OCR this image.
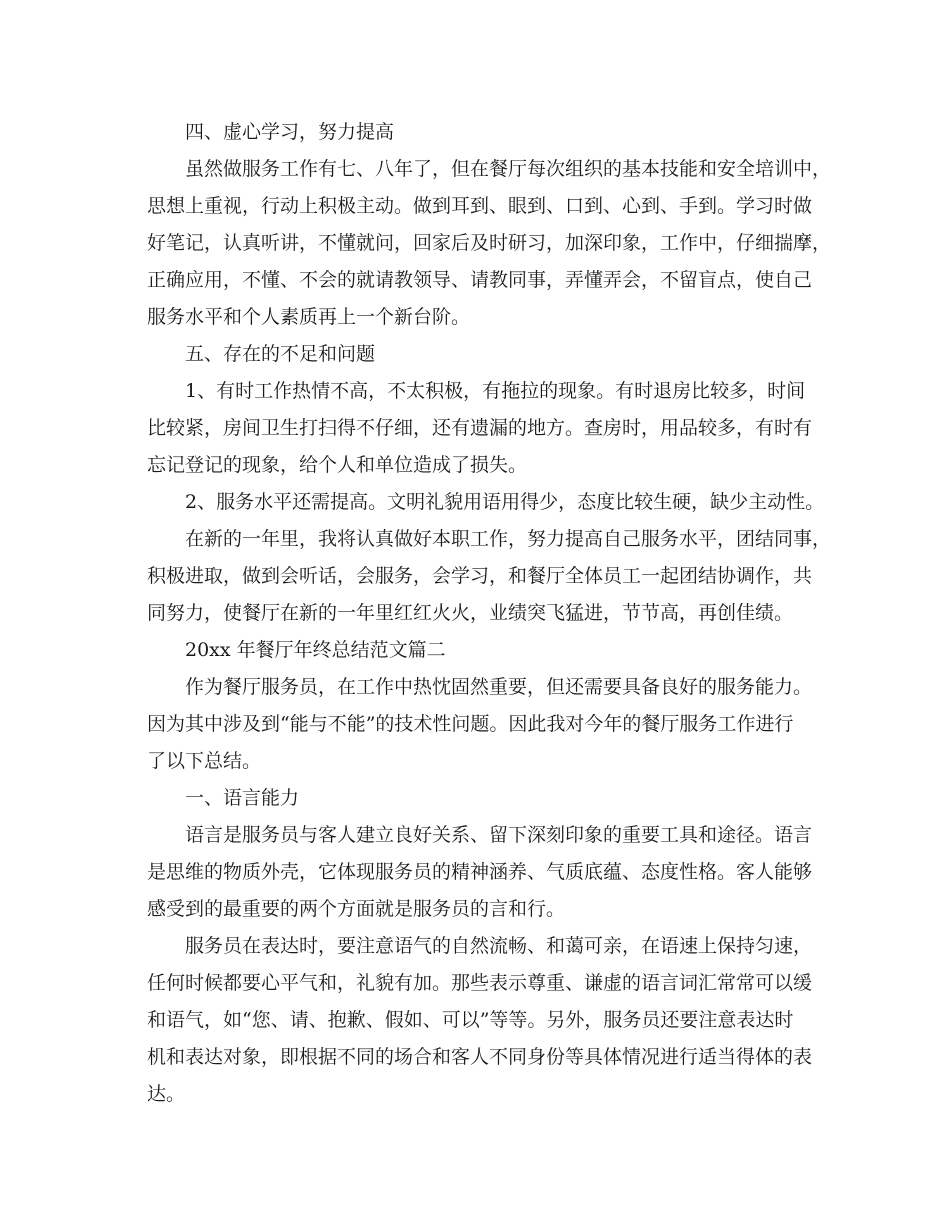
四、虚心学习，努力提高

虽然做服务工作有七、八年了，但在餐厅每次组织的基本技能和安全培训中，

思想上重视，行动上积极主动。做到耳到、眼到、口到、心到、手到。学习时做

好笔记，认真听讲，不懂就问，回家后及时研习，加深印象，工作中，仔细揣摩，

正确应用，不懂、不会的就请教领导、请教同事，弄懂弄会，不留盲点，使自己

服务水平和个人素质再上一个新台阶。

五、存在的不足和问题

1、有时工作热情不高，不太积极，有拖拉的现象。有时退房比较多，时间

比较紧，房间卫生打扫得不仔细，还有遗漏的地方。查房时，用品较多，有时有

忘记登记的现象，给个人和单位造成了损失。

2、服务水平还需提高。文明礼貌用语用得少，态度比较生硬，缺少主动性。

在新的一年里，我将认真做好本职工作，努力提高自己服务水平，团结同事，

积极进取，做到会听话，会服务，会学习，和餐厅全体员工一起团结协调作，共

同努力，使餐厅在新的一年里红红火火，业绩突飞猛进，节节高，再创佳绩。

20xx 年餐厅年终总结范文篇二

作为餐厅服务员，在工作中热忱固然重要，但还需要具备良好的服务能力。

因为其中涉及到“能与不能”的技术性问题。因此我对今年的餐厅服务工作进行

了以下总结。

一、语言能力

语言是服务员与客人建立良好关系、留下深刻印象的重要工具和途径。语言

是思维的物质外壳，它体现服务员的精神涵养、气质底蕴、态度性格。客人能够

感受到的最重要的两个方面就是服务员的言和行。

服务员在表达时，要注意语气的自然流畅、和蔼可亲，在语速上保持匀速，

任何时候都要心平气和，礼貌有加。那些表示尊重、谦虚的语言词汇常常可以缓

和语气，如“您、请、抱歉、假如、可以”等等。另外，服务员还要注意表达时

机和表达对象，即根据不同的场合和客人不同身份等具体情况进行适当得体的表

达。
